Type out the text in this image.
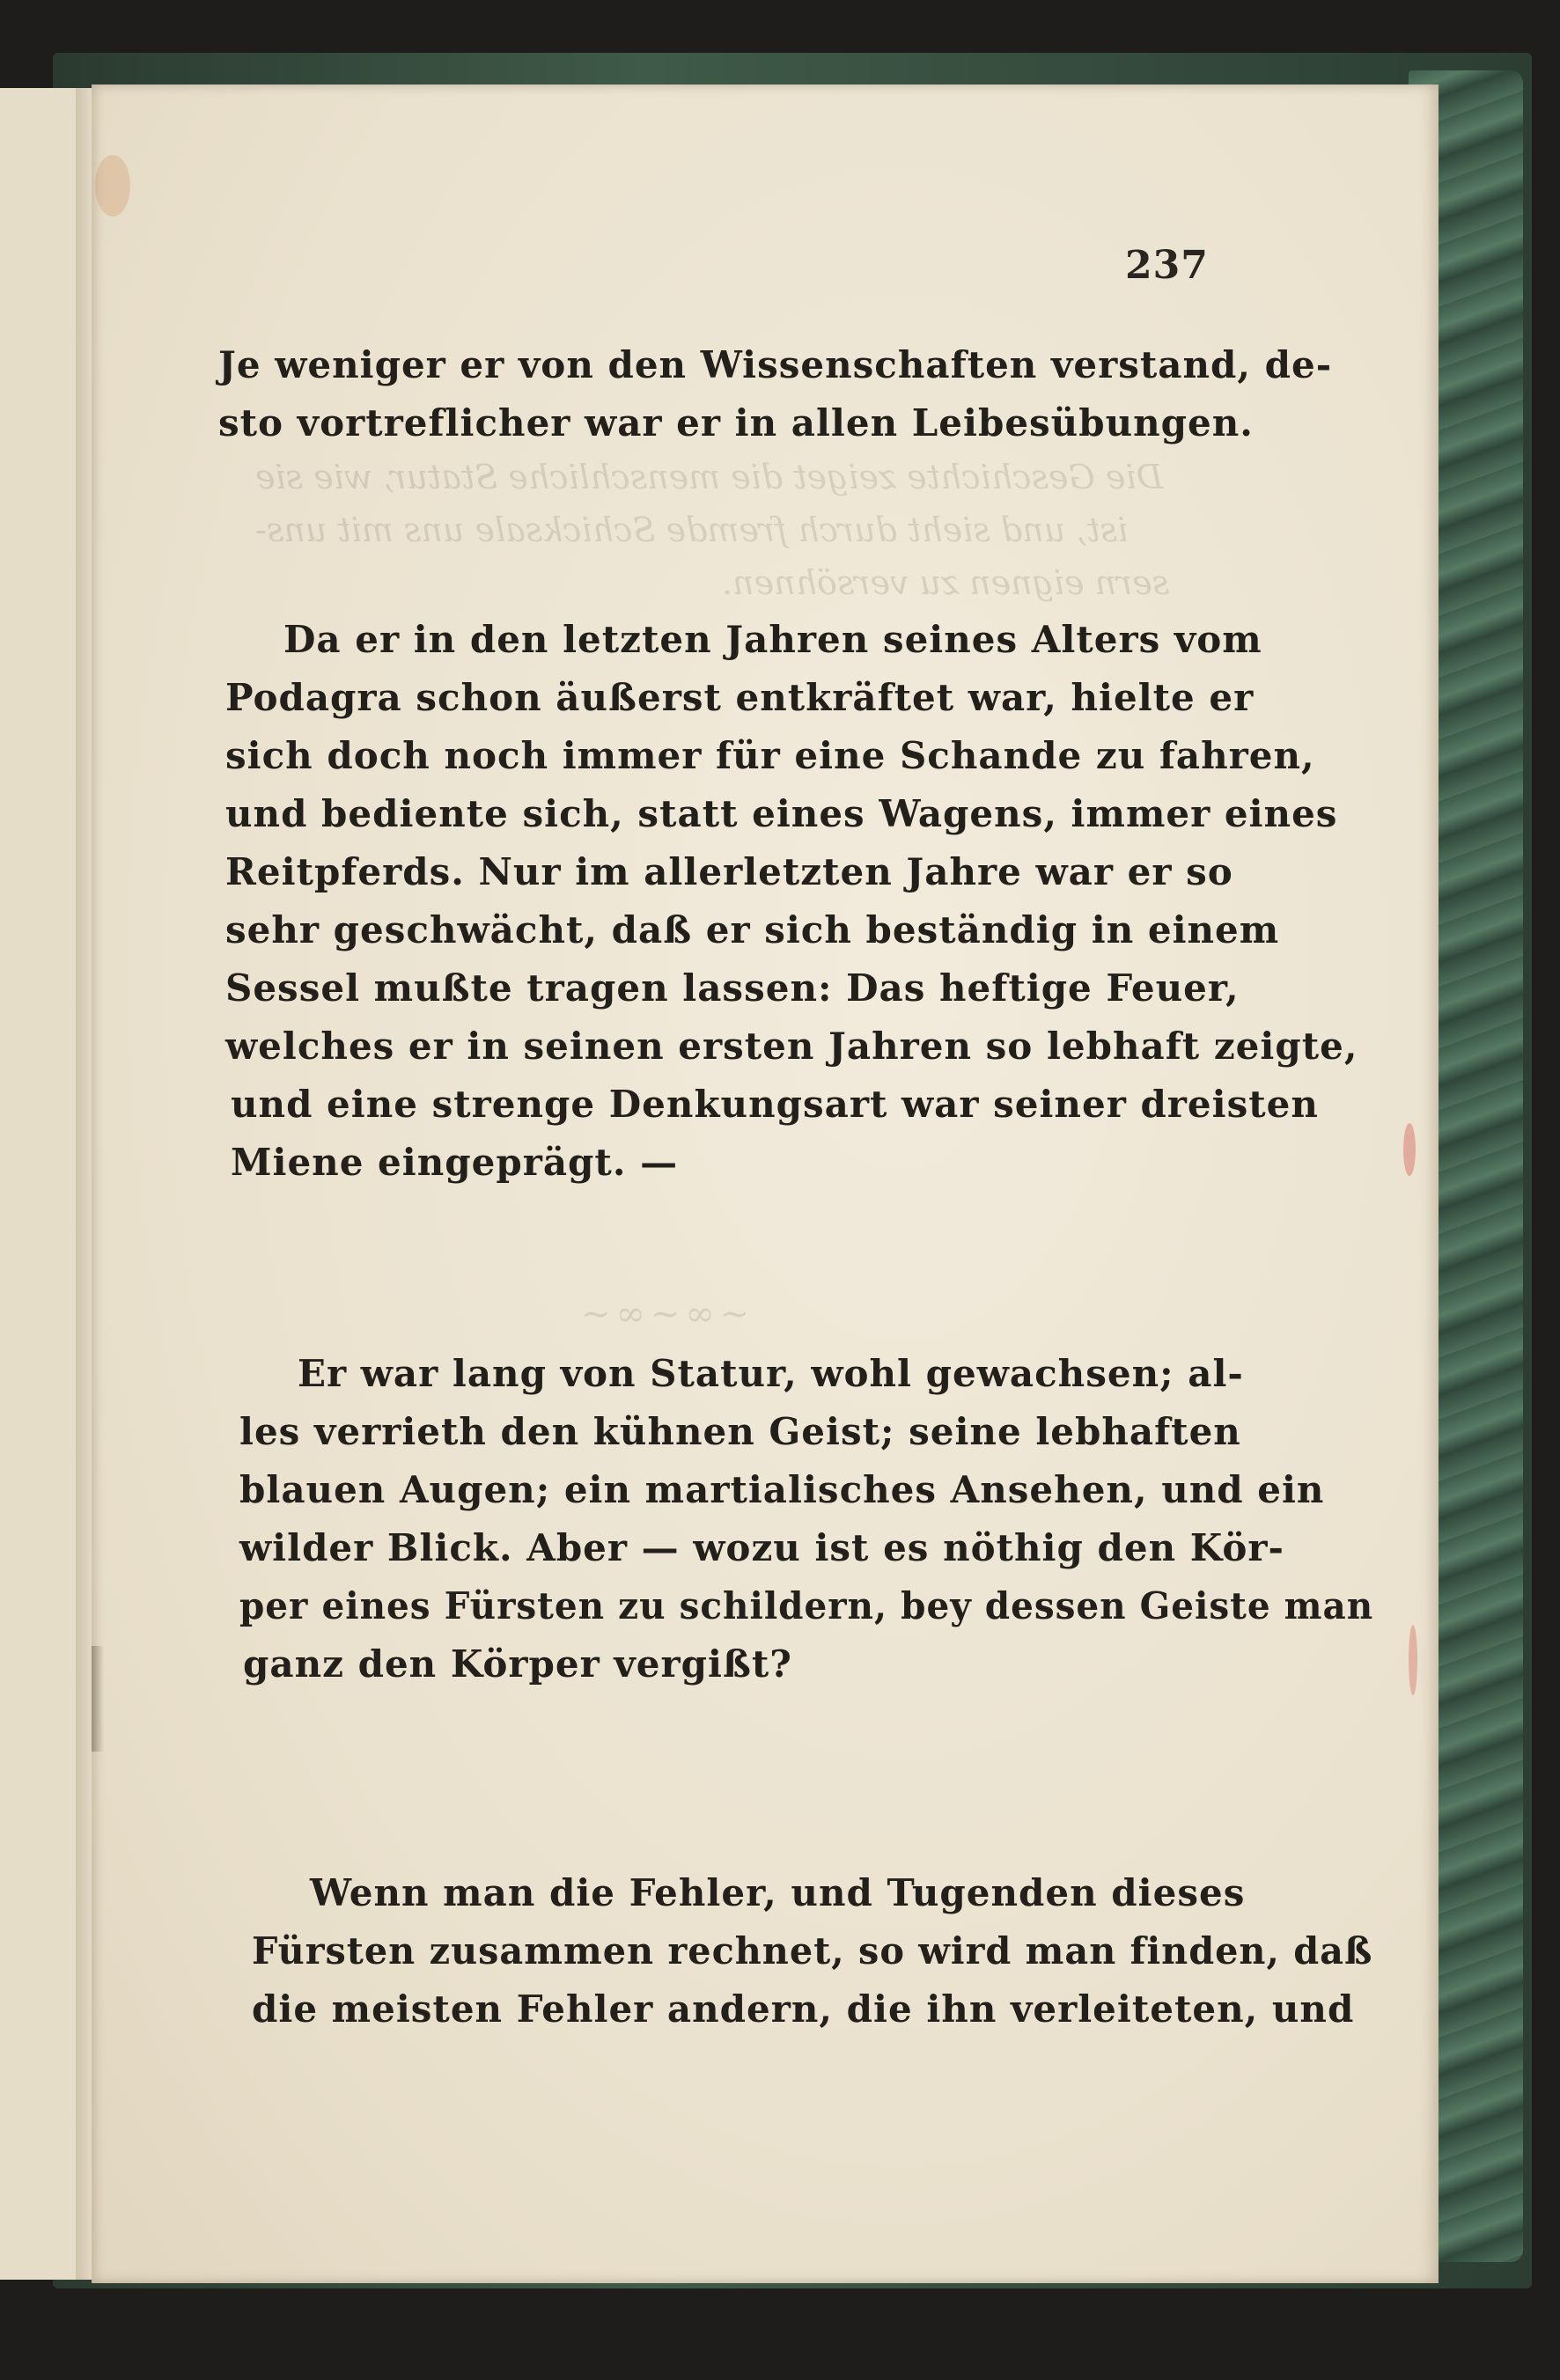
Die Geschichte zeiget die menschliche Statur, wie sie
ist, und sieht durch fremde Schicksale uns mit uns-
sern eignen zu versöhnen.
~∞~∞~
237
Je weniger er von den Wissenschaften verstand, de-
sto vortreflicher war er in allen Leibesübungen.
Da er in den letzten Jahren seines Alters vom
Podagra schon äußerst entkräftet war, hielte er
sich doch noch immer für eine Schande zu fahren,
und bediente sich, statt eines Wagens, immer eines
Reitpferds. Nur im allerletzten Jahre war er so
sehr geschwächt, daß er sich beständig in einem
Sessel mußte tragen lassen: Das heftige Feuer,
welches er in seinen ersten Jahren so lebhaft zeigte,
und eine strenge Denkungsart war seiner dreisten
Miene eingeprägt. —
Er war lang von Statur, wohl gewachsen; al-
les verrieth den kühnen Geist; seine lebhaften
blauen Augen; ein martialisches Ansehen, und ein
wilder Blick. Aber — wozu ist es nöthig den Kör-
per eines Fürsten zu schildern, bey dessen Geiste man
ganz den Körper vergißt?
Wenn man die Fehler, und Tugenden dieses
Fürsten zusammen rechnet, so wird man finden, daß
die meisten Fehler andern, die ihn verleiteten, und
